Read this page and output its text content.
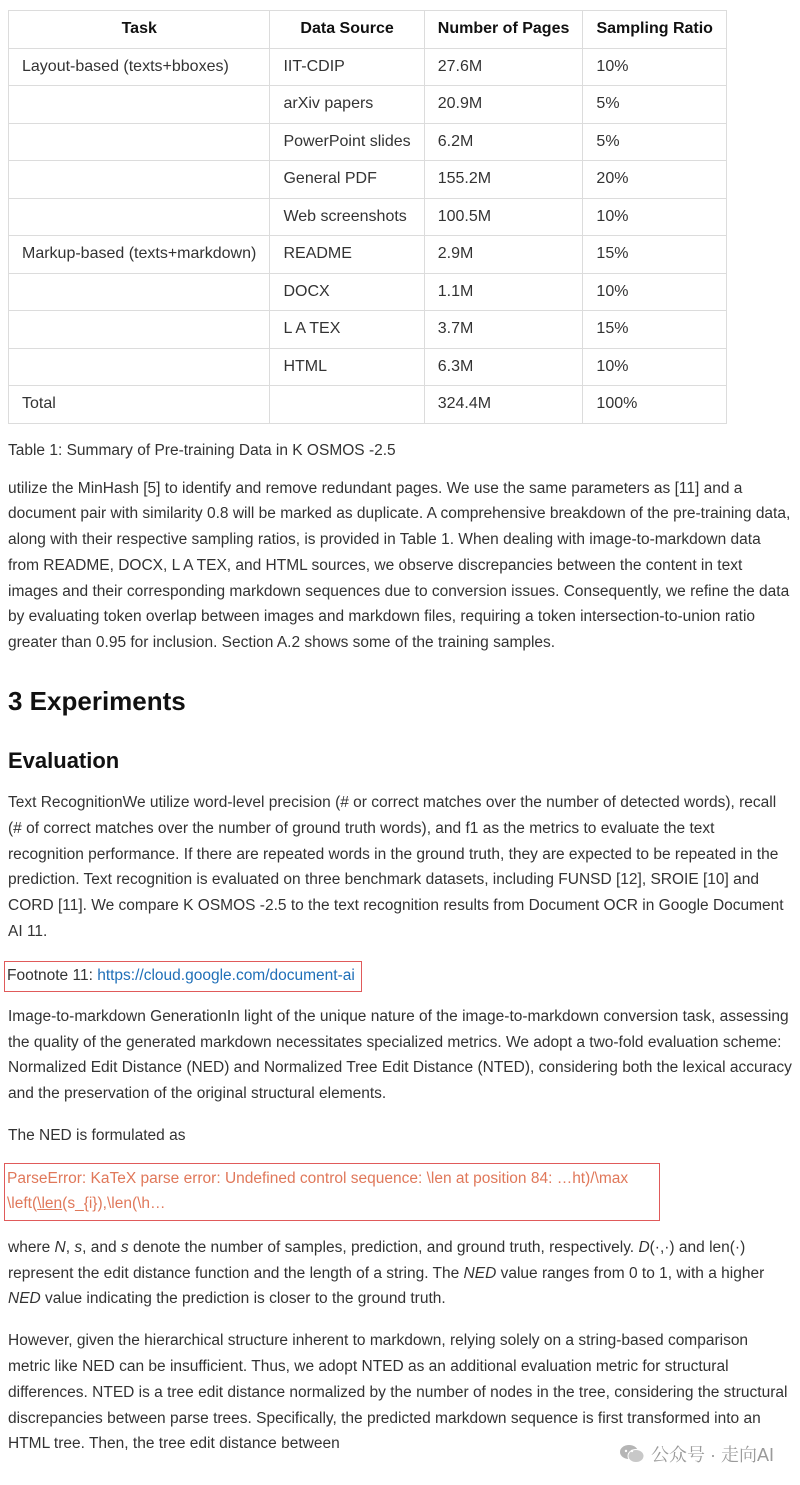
Task	Data Source	Number of Pages	Sampling Ratio
Layout-based (texts+bboxes)	IIT-CDIP	27.6M	10%
	arXiv papers	20.9M	5%
	PowerPoint slides	6.2M	5%
	General PDF	155.2M	20%
	Web screenshots	100.5M	10%
Markup-based (texts+markdown)	README	2.9M	15%
	DOCX	1.1M	10%
	L A TEX	3.7M	15%
	HTML	6.3M	10%
Total		324.4M	100%
Table 1: Summary of Pre-training Data in K OSMOS -2.5

utilize the MinHash [5] to identify and remove redundant pages. We use the same parameters as [11] and a document pair with similarity 0.8 will be marked as duplicate. A comprehensive breakdown of the pre-training data, along with their respective sampling ratios, is provided in Table 1. When dealing with image-to-markdown data from README, DOCX, L A TEX, and HTML sources, we observe discrepancies between the content in text images and their corresponding markdown sequences due to conversion issues. Consequently, we refine the data by evaluating token overlap between images and markdown files, requiring a token intersection-to-union ratio greater than 0.95 for inclusion. Section A.2 shows some of the training samples.

3 Experiments
Evaluation

Text RecognitionWe utilize word-level precision (# or correct matches over the number of detected words), recall (# of correct matches over the number of ground truth words), and f1 as the metrics to evaluate the text recognition performance. If there are repeated words in the ground truth, they are expected to be repeated in the prediction. Text recognition is evaluated on three benchmark datasets, including FUNSD [12], SROIE [10] and CORD [11]. We compare K OSMOS -2.5 to the text recognition results from Document OCR in Google Document AI 11.

Footnote 11: https://cloud.google.com/document-ai

Image-to-markdown GenerationIn light of the unique nature of the image-to-markdown conversion task, assessing the quality of the generated markdown necessitates specialized metrics. We adopt a two-fold evaluation scheme: Normalized Edit Distance (NED) and Normalized Tree Edit Distance (NTED), considering both the lexical accuracy and the preservation of the original structural elements.

The NED is formulated as

ParseError: KaTeX parse error: Undefined control sequence: \len at position 84: …ht)/\max
\left(\len(s_{i}),\len(\h…

where N, s, and s denote the number of samples, prediction, and ground truth, respectively. D(·,·) and len(·) represent the edit distance function and the length of a string. The NED value ranges from 0 to 1, with a higher NED value indicating the prediction is closer to the ground truth.

However, given the hierarchical structure inherent to markdown, relying solely on a string-based comparison metric like NED can be insufficient. Thus, we adopt NTED as an additional evaluation metric for structural differences. NTED is a tree edit distance normalized by the number of nodes in the tree, considering the structural discrepancies between parse trees. Specifically, the predicted markdown sequence is first transformed into an HTML tree. Then, the tree edit distance between

公众号 · 走向AI
